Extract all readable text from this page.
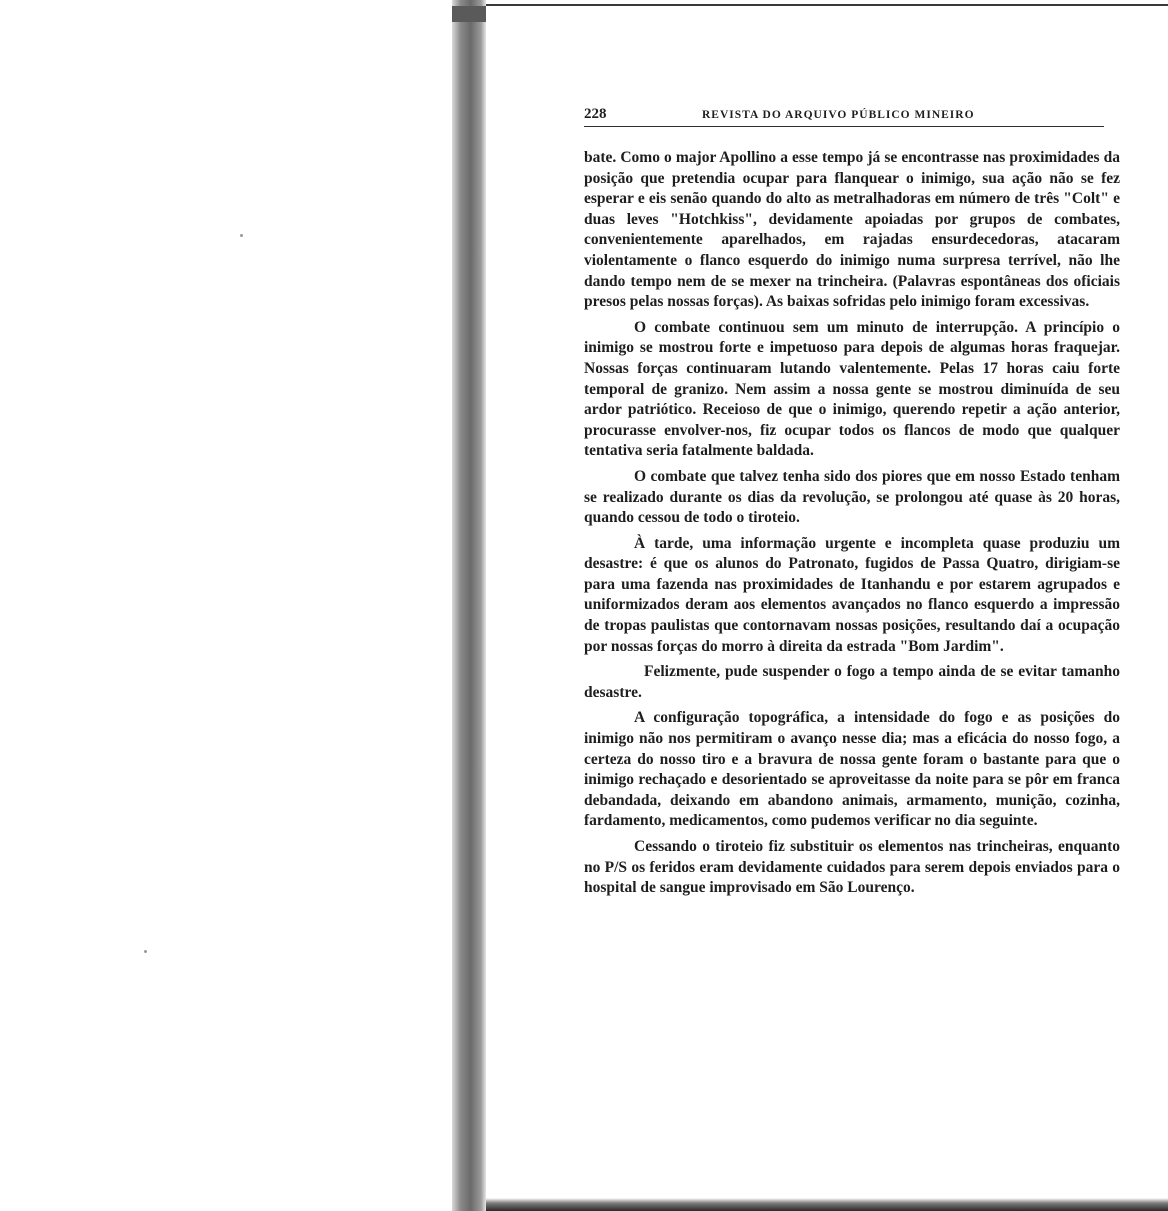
228	REVISTA DO ARQUIVO PÚBLICO MINEIRO

bate. Como o major Apollino a esse tempo já se encontrasse nas proximidades da posição que pretendia ocupar para flanquear o inimigo, sua ação não se fez esperar e eis senão quando do alto as metralhadoras em número de três "Colt" e duas leves "Hotchkiss", devidamente apoiadas por grupos de combates, convenientemente aparelhados, em rajadas ensurdecedoras, atacaram violentamente o flanco esquerdo do inimigo numa surpresa terrível, não lhe dando tempo nem de se mexer na trincheira. (Palavras espontâneas dos oficiais presos pelas nossas forças). As baixas sofridas pelo inimigo foram excessivas.

O combate continuou sem um minuto de interrupção. A princípio o inimigo se mostrou forte e impetuoso para depois de algumas horas fraquejar. Nossas forças continuaram lutando valentemente. Pelas 17 horas caiu forte temporal de granizo. Nem assim a nossa gente se mostrou diminuída de seu ardor patriótico. Receioso de que o inimigo, querendo repetir a ação anterior, procurasse envolver-nos, fiz ocupar todos os flancos de modo que qualquer tentativa seria fatalmente baldada.

O combate que talvez tenha sido dos piores que em nosso Estado tenham se realizado durante os dias da revolução, se prolongou até quase às 20 horas, quando cessou de todo o tiroteio.

À tarde, uma informação urgente e incompleta quase produziu um desastre: é que os alunos do Patronato, fugidos de Passa Quatro, dirigiam-se para uma fazenda nas proximidades de Itanhandu e por estarem agrupados e uniformizados deram aos elementos avançados no flanco esquerdo a impressão de tropas paulistas que contornavam nossas posições, resultando daí a ocupação por nossas forças do morro à direita da estrada "Bom Jardim".

Felizmente, pude suspender o fogo a tempo ainda de se evitar tamanho desastre.

A configuração topográfica, a intensidade do fogo e as posições do inimigo não nos permitiram o avanço nesse dia; mas a eficácia do nosso fogo, a certeza do nosso tiro e a bravura de nossa gente foram o bastante para que o inimigo rechaçado e desorientado se aproveitasse da noite para se pôr em franca debandada, deixando em abandono animais, armamento, munição, cozinha, fardamento, medicamentos, como pudemos verificar no dia seguinte.

Cessando o tiroteio fiz substituir os elementos nas trincheiras, enquanto no P/S os feridos eram devidamente cuidados para serem depois enviados para o hospital de sangue improvisado em São Lourenço.
